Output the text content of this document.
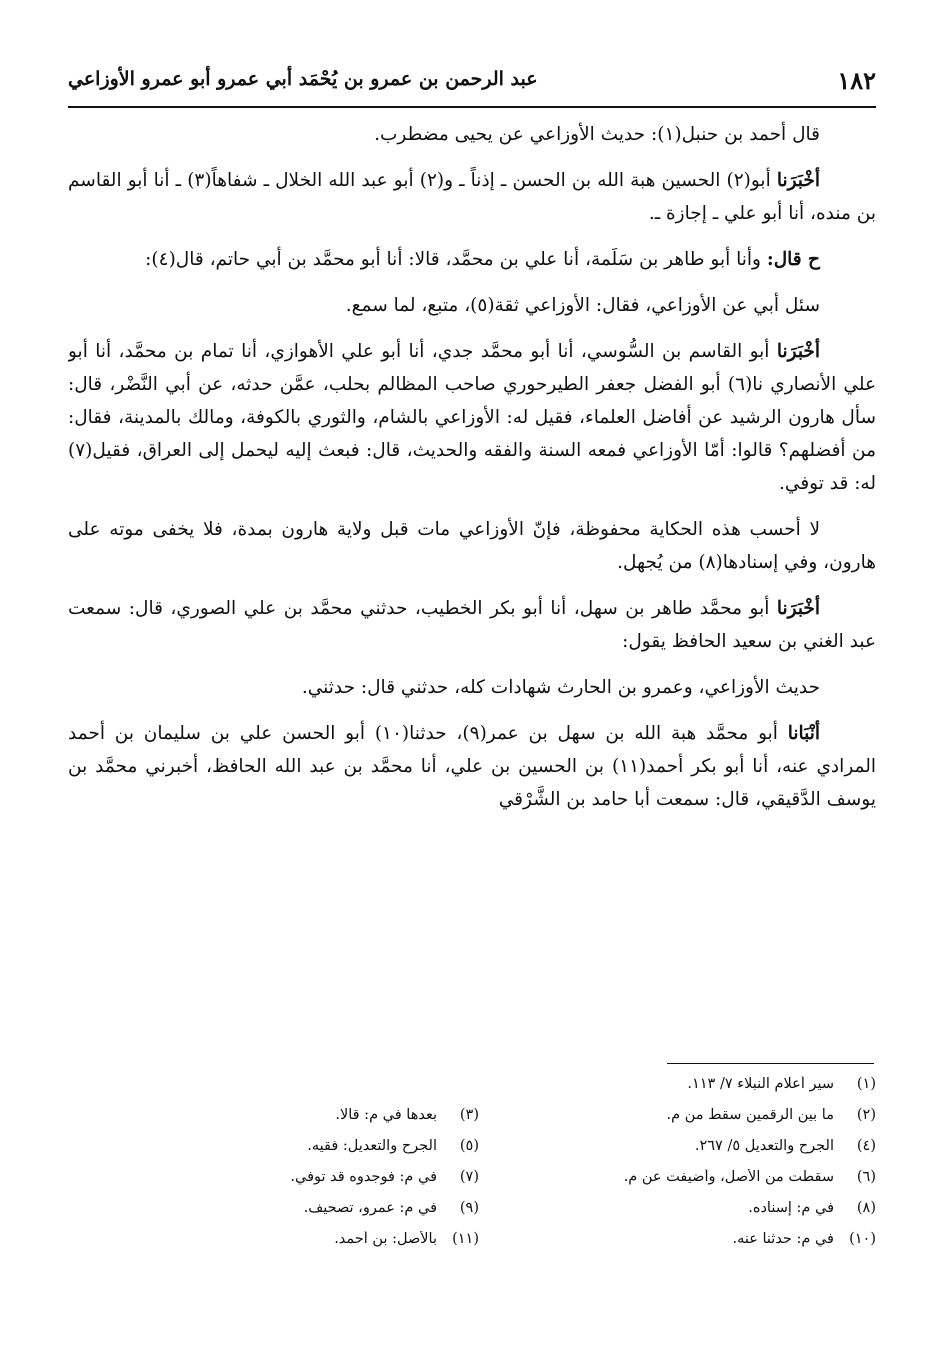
١٨٢
عبد الرحمن بن عمرو بن يُحْمَد أبي عمرو أبو عمرو الأوزاعي

قال أحمد بن حنبل(١): حديث الأوزاعي عن يحيى مضطرب.

أخْبَرَنا أبو(٢) الحسين هبة الله بن الحسن ـ إذناً ـ و(٢) أبو عبد الله الخلال ـ شفاهاً(٣) ـ أنا أبو القاسم بن منده، أنا أبو علي ـ إجازة ـ.

ح قال: وأنا أبو طاهر بن سَلَمة، أنا علي بن محمَّد، قالا: أنا أبو محمَّد بن أبي حاتم، قال(٤):

سئل أبي عن الأوزاعي، فقال: الأوزاعي ثقة(٥)، متبع، لما سمع.

أخْبَرَنا أبو القاسم بن السُّوسي، أنا أبو محمَّد جدي، أنا أبو علي الأهوازي، أنا تمام بن محمَّد، أنا أبو علي الأنصاري نا(٦) أبو الفضل جعفر الطيرحوري صاحب المظالم بحلب، عمَّن حدثه، عن أبي النَّضْر، قال: سأل هارون الرشيد عن أفاضل العلماء، فقيل له: الأوزاعي بالشام، والثوري بالكوفة، ومالك بالمدينة، فقال: من أفضلهم؟ قالوا: أمّا الأوزاعي فمعه السنة والفقه والحديث، قال: فبعث إليه ليحمل إلى العراق، فقيل(٧) له: قد توفي.

لا أحسب هذه الحكاية محفوظة، فإنّ الأوزاعي مات قبل ولاية هارون بمدة، فلا يخفى موته على هارون، وفي إسنادها(٨) من يُجهل.

أخْبَرَنا أبو محمَّد طاهر بن سهل، أنا أبو بكر الخطيب، حدثني محمَّد بن علي الصوري، قال: سمعت عبد الغني بن سعيد الحافظ يقول:

حديث الأوزاعي، وعمرو بن الحارث شهادات كله، حدثني قال: حدثني.

أنْبَانا أبو محمَّد هبة الله بن سهل بن عمر(٩)، حدثنا(١٠) أبو الحسن علي بن سليمان بن أحمد المرادي عنه، أنا أبو بكر أحمد(١١) بن الحسين بن علي، أنا محمَّد بن عبد الله الحافظ، أخبرني محمَّد بن يوسف الدَّقيقي، قال: سمعت أبا حامد بن الشَّرْقي

(١)سير أعلام النبلاء ٧/ ١١٣.
(٢)ما بين الرقمين سقط من م.
(٣)بعدها في م: قالا.
(٤)الجرح والتعديل ٥/ ٢٦٧.
(٥)الجرح والتعديل: فقيه.
(٦)سقطت من الأصل، وأضيفت عن م.
(٧)في م: فوجدوه قد توفي.
(٨)في م: إسناده.
(٩)في م: عمرو، تصحيف.
(١٠)في م: حدثنا عنه.
(١١)بالأصل: بن أحمد.
